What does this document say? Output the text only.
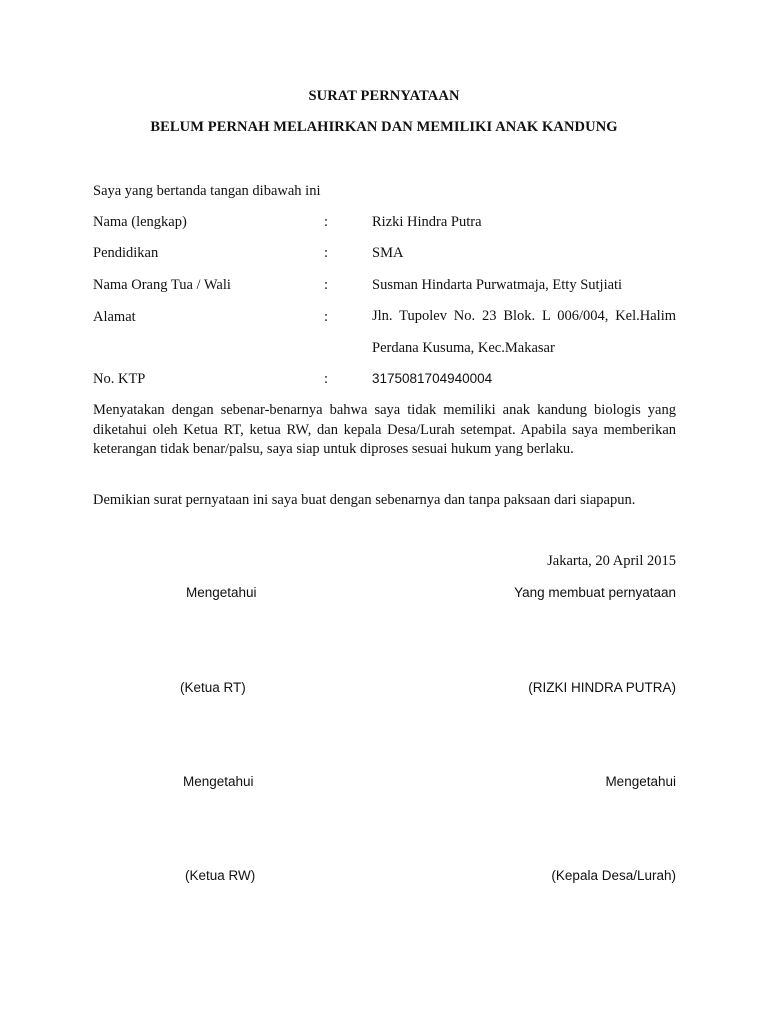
SURAT PERNYATAAN
BELUM PERNAH MELAHIRKAN DAN MEMILIKI ANAK KANDUNG
Saya yang bertanda tangan dibawah ini
Nama (lengkap)	:	Rizki Hindra Putra
Pendidikan	:	SMA
Nama Orang Tua / Wali	:	Susman Hindarta Purwatmaja, Etty Sutjiati
Alamat	:	Jln. Tupolev No. 23 Blok. L 006/004, Kel.Halim
Perdana Kusuma, Kec.Makasar
No. KTP	:	3175081704940004
Menyatakan dengan sebenar-benarnya bahwa saya tidak memiliki anak kandung biologis yang diketahui oleh Ketua RT, ketua RW, dan kepala Desa/Lurah setempat. Apabila saya memberikan keterangan tidak benar/palsu, saya siap untuk diproses sesuai hukum yang berlaku.
Demikian surat pernyataan ini saya buat dengan sebenarnya dan tanpa paksaan dari siapapun.
Jakarta, 20 April 2015
Mengetahui	Yang membuat pernyataan
(Ketua RT)	(RIZKI HINDRA PUTRA)
Mengetahui	Mengetahui
(Ketua RW)	(Kepala Desa/Lurah)
